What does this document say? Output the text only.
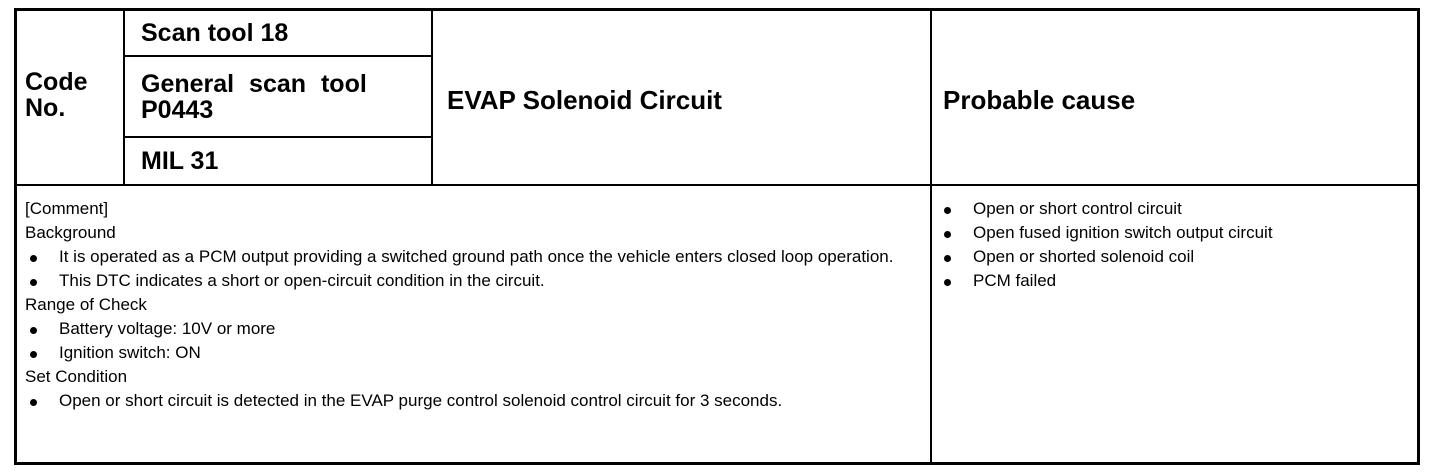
Code
No.
Scan tool 18
General scan tool
P0443
MIL 31
EVAP Solenoid Circuit	Probable cause
[Comment]
Background
It is operated as a PCM output providing a switched ground path once the vehicle enters closed loop operation.
This DTC indicates a short or open-circuit condition in the circuit.
Range of Check
Battery voltage: 10V or more
Ignition switch: ON
Set Condition
Open or short circuit is detected in the EVAP purge control solenoid control circuit for 3 seconds.
Open or short control circuit
Open fused ignition switch output circuit
Open or shorted solenoid coil
PCM failed
